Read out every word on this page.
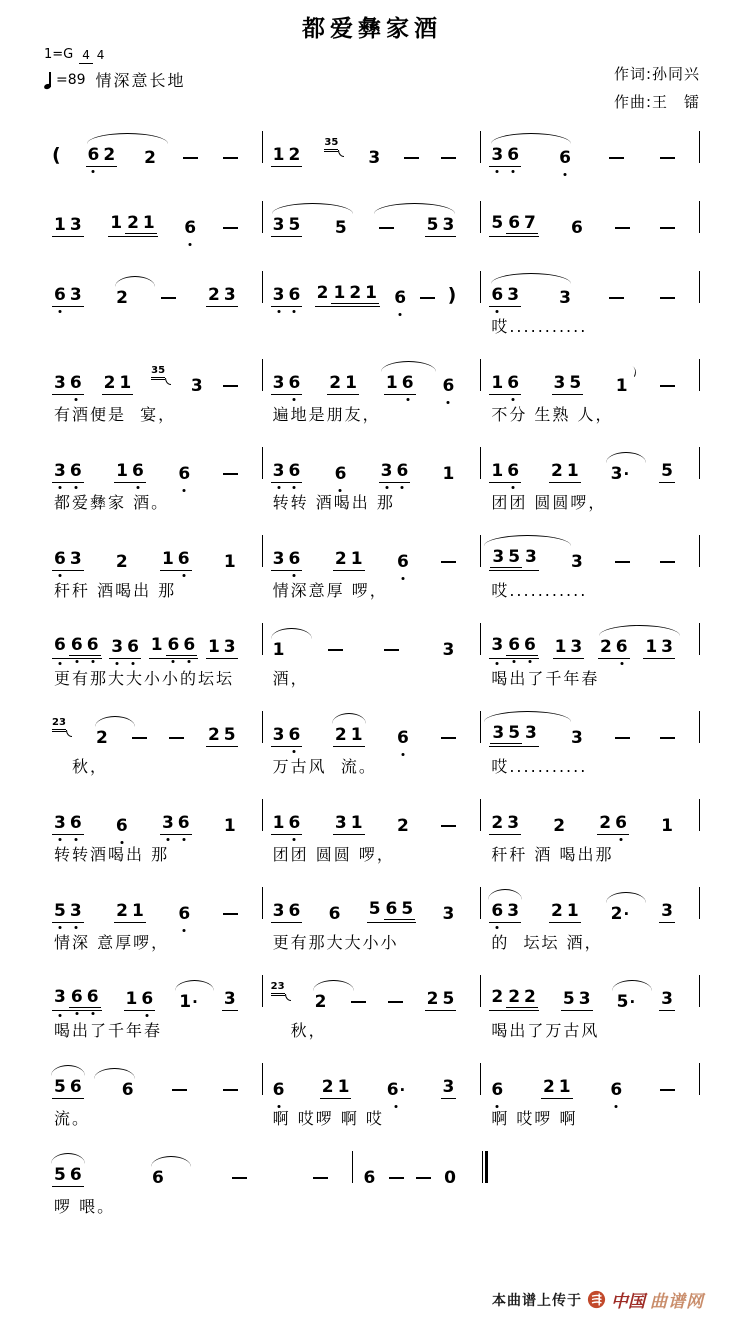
都爱彝家酒
1=G 4 4
=89 情深意长地	作词:孙同兴
作曲:王　镭
( 6 2 2	1 2
35
3	3 6 6
1 3 1 2 1 6	3 5 5	5 3 5 6 7 6
6 3 2	2 3 3 6 2 1 2 1 6 ) 6 3 3
哎...........
3 6 2 1
35
3
有酒便是  宴，
3 6 2 1 1 6 6
遍地是朋友，
1 6 3 5 1
不分 生熟 人，
3 6 1 6 6
都爱彝家 酒。
3 6 6 3 6 1
转转 酒喝出 那
1 6 2 1 3· 5
团团 圆圆啰，
6 3 2 1 6 1
秆秆 酒喝出 那
3 6 2 1 6
情深意厚 啰，
3 5 3 3
哎...........
6 6 6 3 6 1 6 6 1 3
更有那大大小小的坛坛
1	3
酒，
3 6 6 1 3 2 6 1 3
喝出了千年春
23
2	2 5
　秋，
3 6 2 1 6
万古风  流。
3 5 3 3
哎...........
3 6 6 3 6 1
转转酒喝出 那
1 6 3 1 2
团团 圆圆 啰，
2 3 2 2 6 1
秆秆 酒 喝出那
5 3 2 1 6
情深 意厚啰，
3 6 6 5 6 5 3
更有那大大小小
6 3 2 1 2· 3
的  坛坛 酒，
3 6 6 1 6 1· 3
喝出了千年春
23
2	2 5
　秋，
2 2 2 5 3 5· 3
喝出了万古风
5 6 6
流。
6 2 1 6· 3
啊 哎啰 啊 哎
6 2 1 6
啊 哎啰 啊
5 6	6
啰 喂。
6	0
本曲谱上传于 中国 曲谱网
